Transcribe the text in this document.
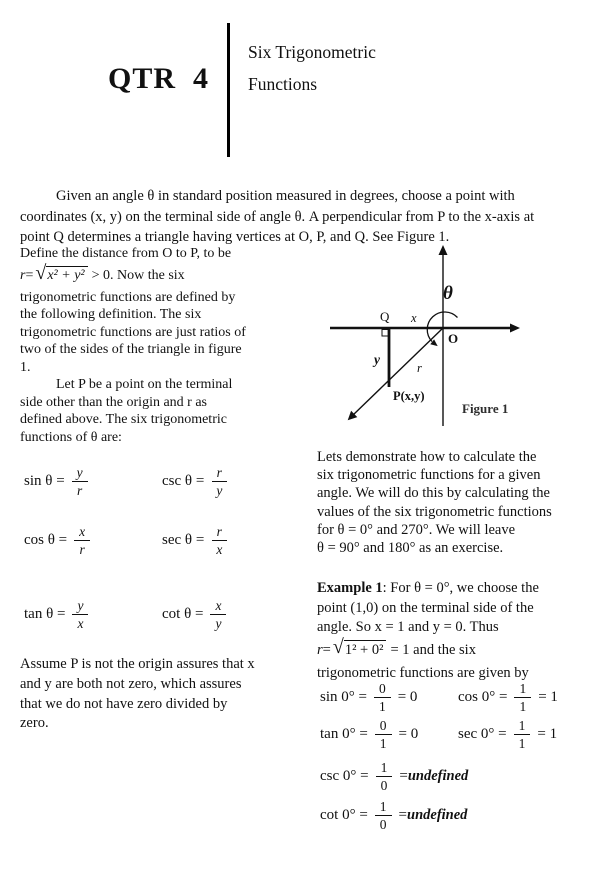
QTR  4
Six Trigonometric
Functions
Given an angle θ in standard position measured in degrees, choose a point with
coordinates (x, y) on the terminal side of angle θ. A perpendicular from P to the x-axis at
point Q determines a triangle having vertices at O, P, and Q. See Figure 1.
Define the distance from O to P, to be
r = √ x² + y² > 0. Now the six
trigonometric functions are defined by
the following definition. The six
trigonometric functions are just ratios of
two of the sides of the triangle in figure
1.
Let P be a point on the terminal
side other than the origin and r as
defined above. The six trigonometric
functions of θ are:
$\sin \theta = \frac{y}{r}$	$\csc \theta = \frac{r}{y}$
$\cos \theta = \frac{x}{r}$	$\sec \theta = \frac{r}{x}$
$\tan \theta = \frac{y}{x}$	$\cot \theta = \frac{x}{y}$
Assume P is not the origin assures that x
and y are both not zero, which assures
that we do not have zero divided by
zero.
θ
O
Q x
y
r
P(x,y)
Figure 1
Lets demonstrate how to calculate the
six trigonometric functions for a given
angle. We will do this by calculating the
values of the six trigonometric functions
for θ = 0° and 270°. We will leave
θ = 90° and 180° as an exercise.
Example 1: For θ = 0°, we choose the
point (1,0) on the terminal side of the
angle. So x = 1 and y = 0. Thus
r = √ 1² + 0² = 1 and the six
trigonometric functions are given by
$\sin 0^\circ = \frac{0}{1} = 0$	$\cos 0^\circ = \frac{1}{1} = 1$
$\tan 0^\circ = \frac{0}{1} = 0$	$\sec 0^\circ = \frac{1}{1} = 1$
$\csc 0^\circ = \frac{1}{0}$ = undefined
$\cot 0^\circ = \frac{1}{0}$ = undefined
